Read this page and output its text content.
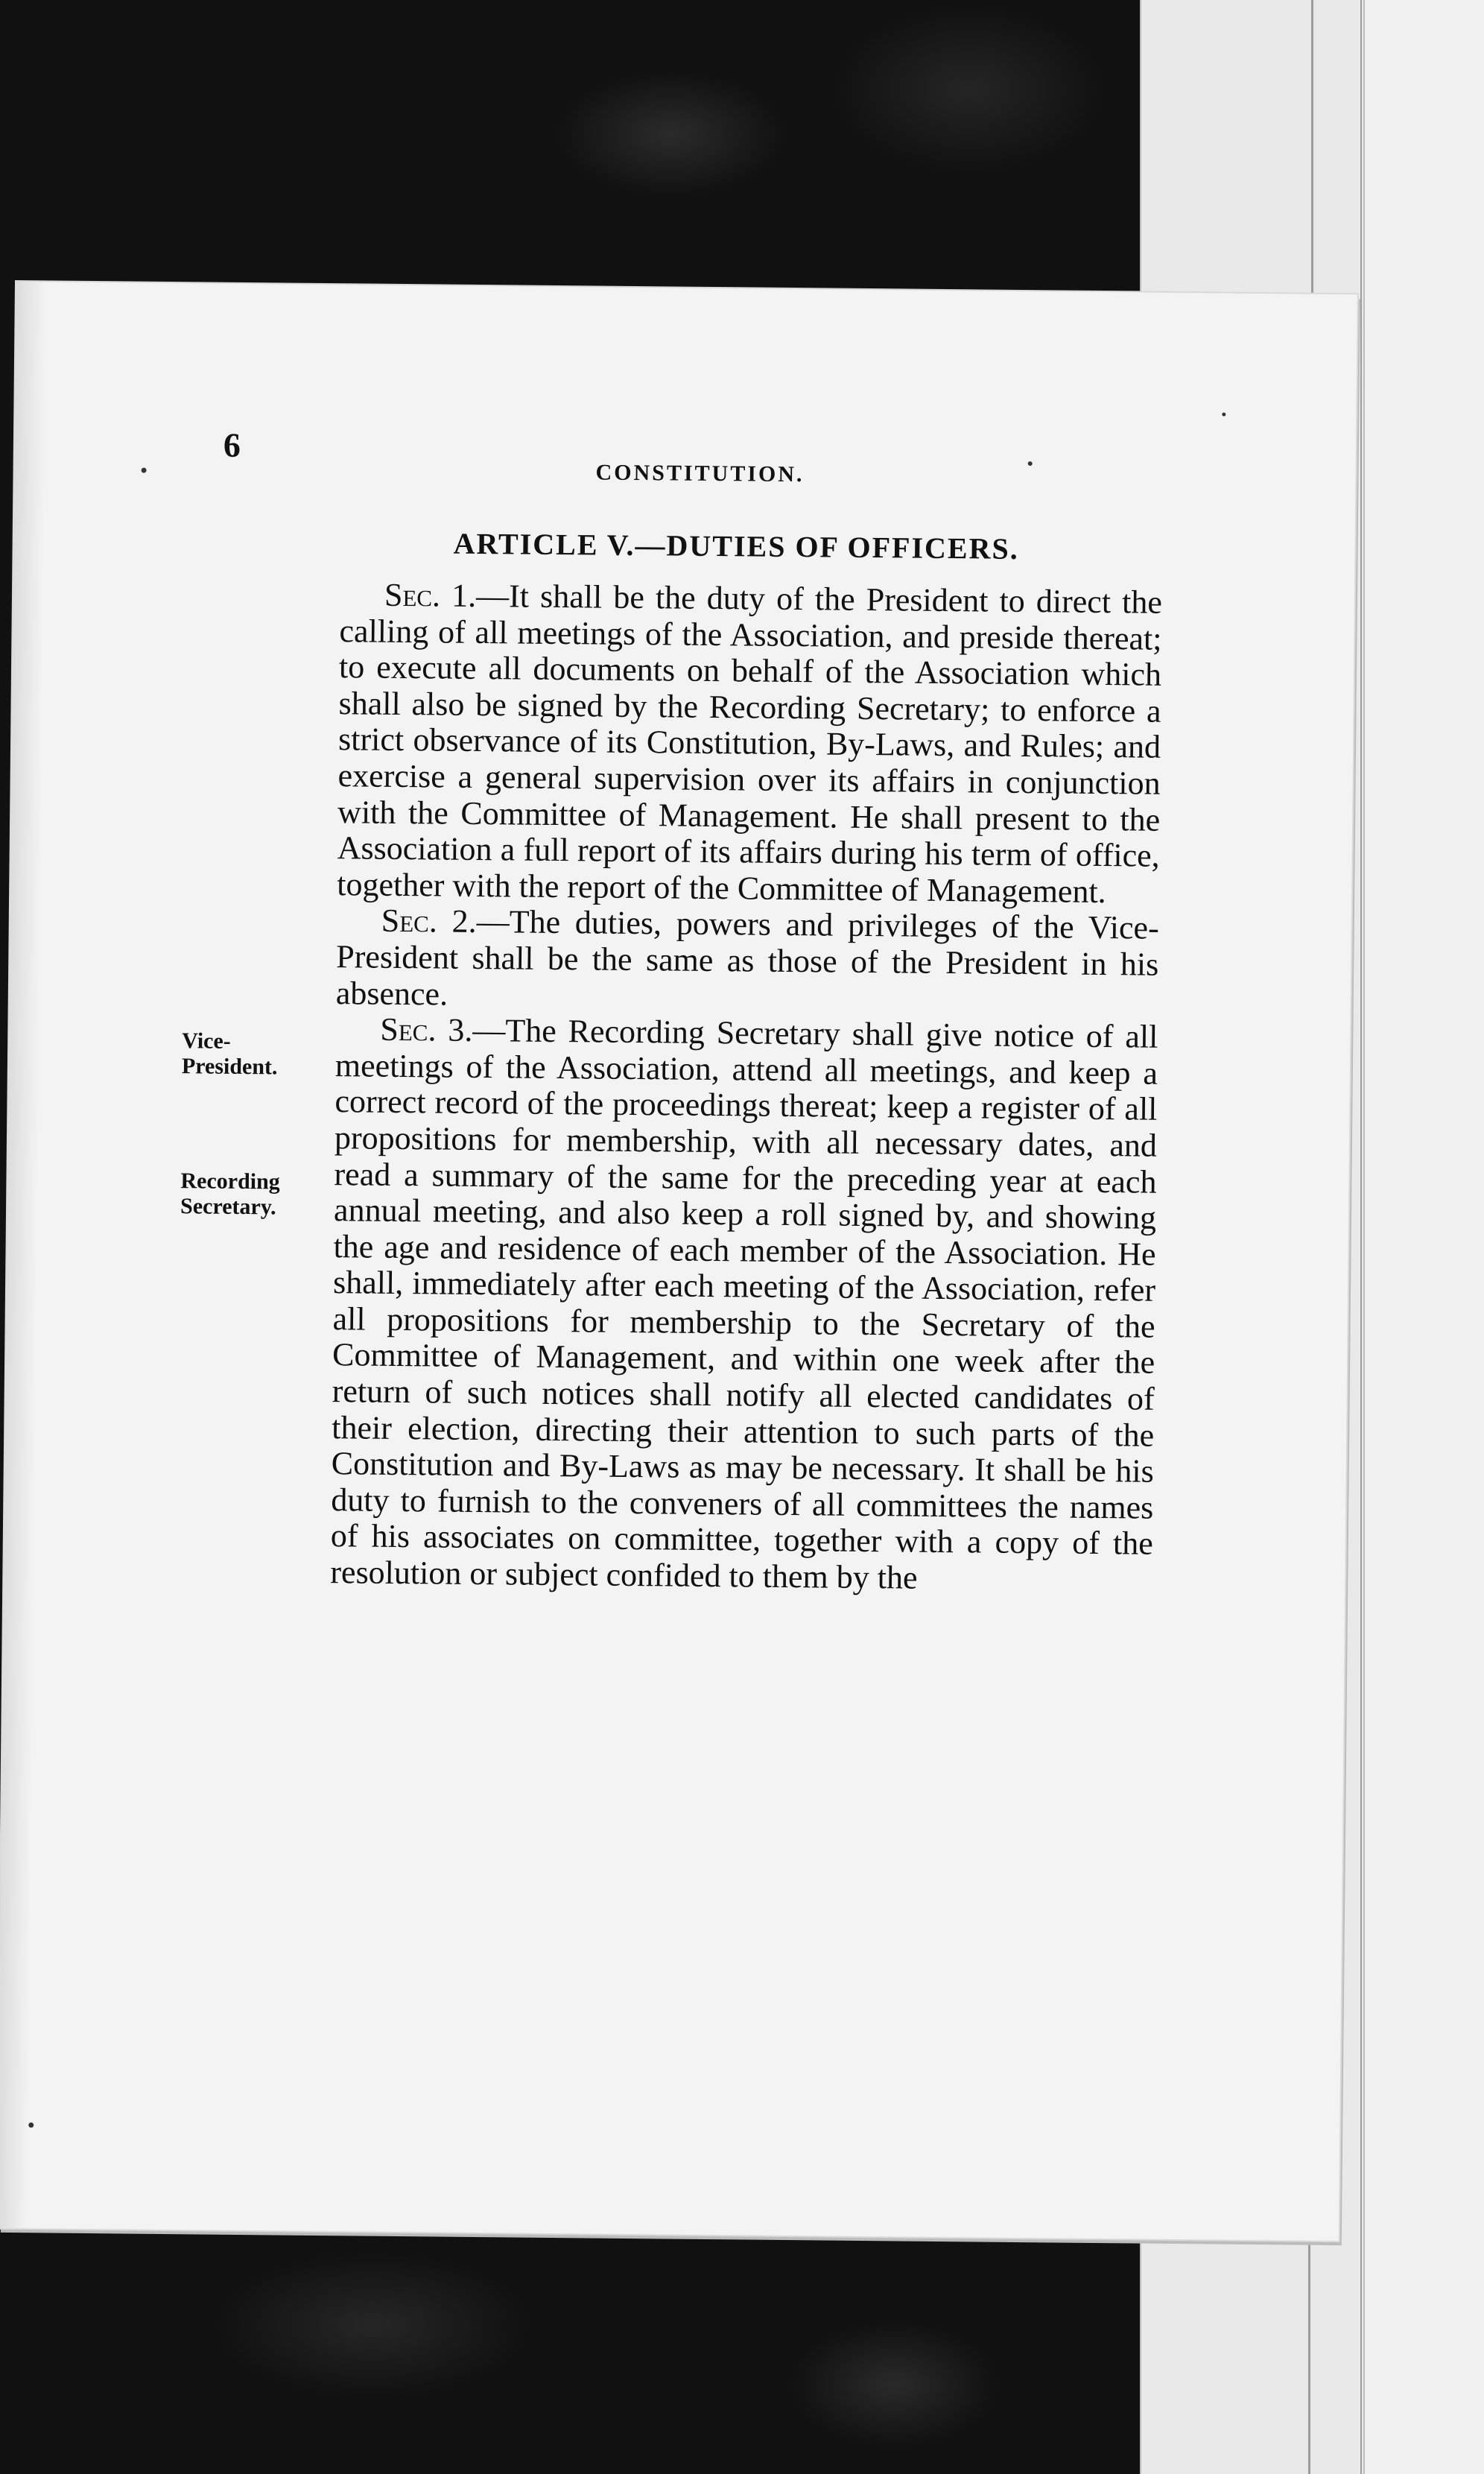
6
CONSTITUTION.
ARTICLE V.—DUTIES OF OFFICERS.
Vice-
President.
Recording
Secretary.

Sec. 1.—It shall be the duty of the President to direct the calling of all meetings of the Association, and preside thereat; to execute all documents on behalf of the Association which shall also be signed by the Recording Secretary; to enforce a strict observance of its Constitution, By-Laws, and Rules; and exercise a general supervision over its affairs in conjunction with the Committee of Management. He shall present to the Association a full report of its affairs during his term of office, together with the report of the Committee of Management.

Sec. 2.—The duties, powers and privileges of the Vice-President shall be the same as those of the President in his absence.

Sec. 3.—The Recording Secretary shall give notice of all meetings of the Association, attend all meetings, and keep a correct record of the proceedings thereat; keep a register of all propositions for membership, with all necessary dates, and read a summary of the same for the preceding year at each annual meeting, and also keep a roll signed by, and showing the age and residence of each member of the Association. He shall, immediately after each meeting of the Association, refer all propositions for membership to the Secretary of the Committee of Management, and within one week after the return of such notices shall notify all elected candidates of their election, directing their attention to such parts of the Constitution and By-Laws as may be necessary. It shall be his duty to furnish to the conveners of all committees the names of his associates on committee, together with a copy of the resolution or subject confided to them by the
